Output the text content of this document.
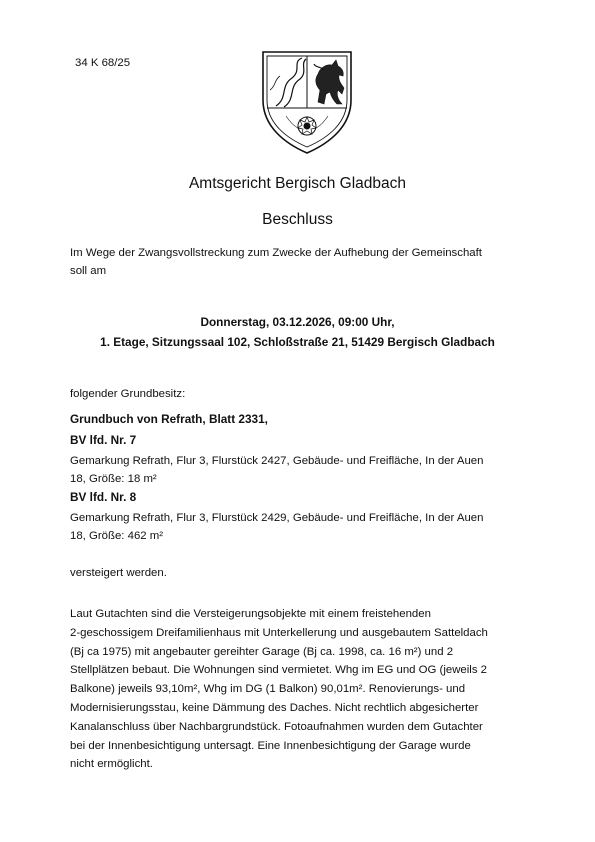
34 K 68/25
Amtsgericht Bergisch Gladbach
Beschluss
Im Wege der Zwangsvollstreckung zum Zwecke der Aufhebung der Gemeinschaft
soll am
Donnerstag, 03.12.2026, 09:00 Uhr,
1. Etage, Sitzungssaal 102, Schloßstraße 21, 51429 Bergisch Gladbach
folgender Grundbesitz:
Grundbuch von Refrath, Blatt 2331,
BV lfd. Nr. 7
Gemarkung Refrath, Flur 3, Flurstück 2427, Gebäude- und Freifläche, In der Auen
18, Größe: 18 m²
BV lfd. Nr. 8
Gemarkung Refrath, Flur 3, Flurstück 2429, Gebäude- und Freifläche, In der Auen
18, Größe: 462 m²
versteigert werden.
Laut Gutachten sind die Versteigerungsobjekte mit einem freistehenden
2-geschossigem Dreifamilienhaus mit Unterkellerung und ausgebautem Satteldach
(Bj ca 1975) mit angebauter gereihter Garage (Bj ca. 1998, ca. 16 m²) und 2
Stellplätzen bebaut. Die Wohnungen sind vermietet. Whg im EG und OG (jeweils 2
Balkone) jeweils 93,10m², Whg im DG (1 Balkon) 90,01m². Renovierungs- und
Modernisierungsstau, keine Dämmung des Daches. Nicht rechtlich abgesicherter
Kanalanschluss über Nachbargrundstück. Fotoaufnahmen wurden dem Gutachter
bei der Innenbesichtigung untersagt. Eine Innenbesichtigung der Garage wurde
nicht ermöglicht.
